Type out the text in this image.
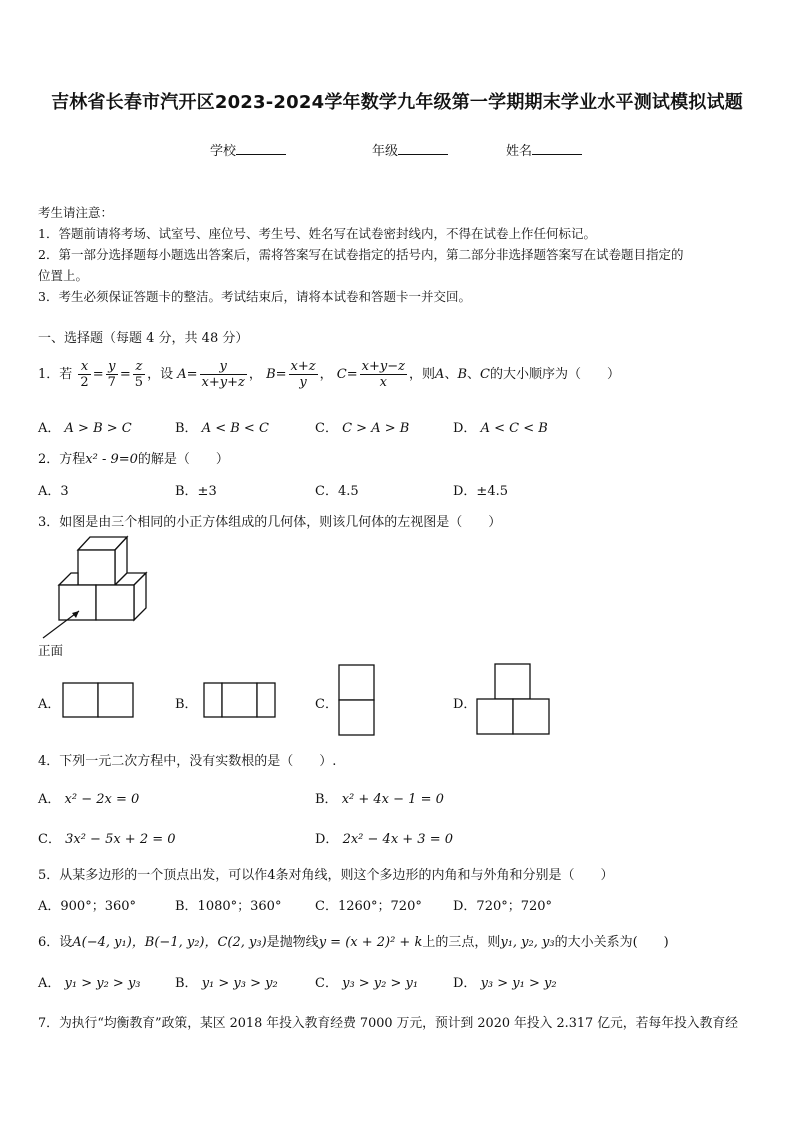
吉林省长春市汽开区2023-2024学年数学九年级第一学期期末学业水平测试模拟试题
学校	年级	姓名
考生请注意：
1．答题前请将考场、试室号、座位号、考生号、姓名写在试卷密封线内，不得在试卷上作任何标记。
2．第一部分选择题每小题选出答案后，需将答案写在试卷指定的括号内，第二部分非选择题答案写在试卷题目指定的
位置上。
3．考生必须保证答题卡的整洁。考试结束后，请将本试卷和答题卡一并交回。
一、选择题（每题 4 分，共 48 分）
1．若 $\frac{x}{2} = \frac{y}{7} = \frac{z}{5}$ ，设 $A= \frac{y}{x+y+z}$ ， $B= \frac{x+z}{y}$ ， $C= \frac{x+y-z}{x}$ ，则A、B、C的大小顺序为（　　）
A． A > B > C	B． A < B < C	C． C > A > B	D． A < C < B
2．方程x² - 9=0的解是（　　）
A．3	B．±3	C．4.5	D．±4.5
3．如图是由三个相同的小正方体组成的几何体，则该几何体的左视图是（　　）
正面
A．	B．	C．	D．
4．下列一元二次方程中，没有实数根的是（　　）.
A． x² − 2x = 0	B． x² + 4x − 1 = 0
C． 3x² − 5x + 2 = 0	D． 2x² − 4x + 3 = 0
5．从某多边形的一个顶点出发，可以作4条对角线，则这个多边形的内角和与外角和分别是（　　）
A．900°；360°	B．1080°；360°	C．1260°；720° D．720°；720°
6．设A(−4, y₁)，B(−1, y₂)，C(2, y₃)是抛物线y = (x + 2)² + k上的三点，则y₁, y₂, y₃的大小关系为(　　)
A． y₁ > y₂ > y₃	B． y₁ > y₃ > y₂	C． y₃ > y₂ > y₁	D． y₃ > y₁ > y₂
7．为执行“均衡教育”政策，某区 2018 年投入教育经费 7000 万元，预计到 2020 年投入 2.317 亿元，若每年投入教育经
